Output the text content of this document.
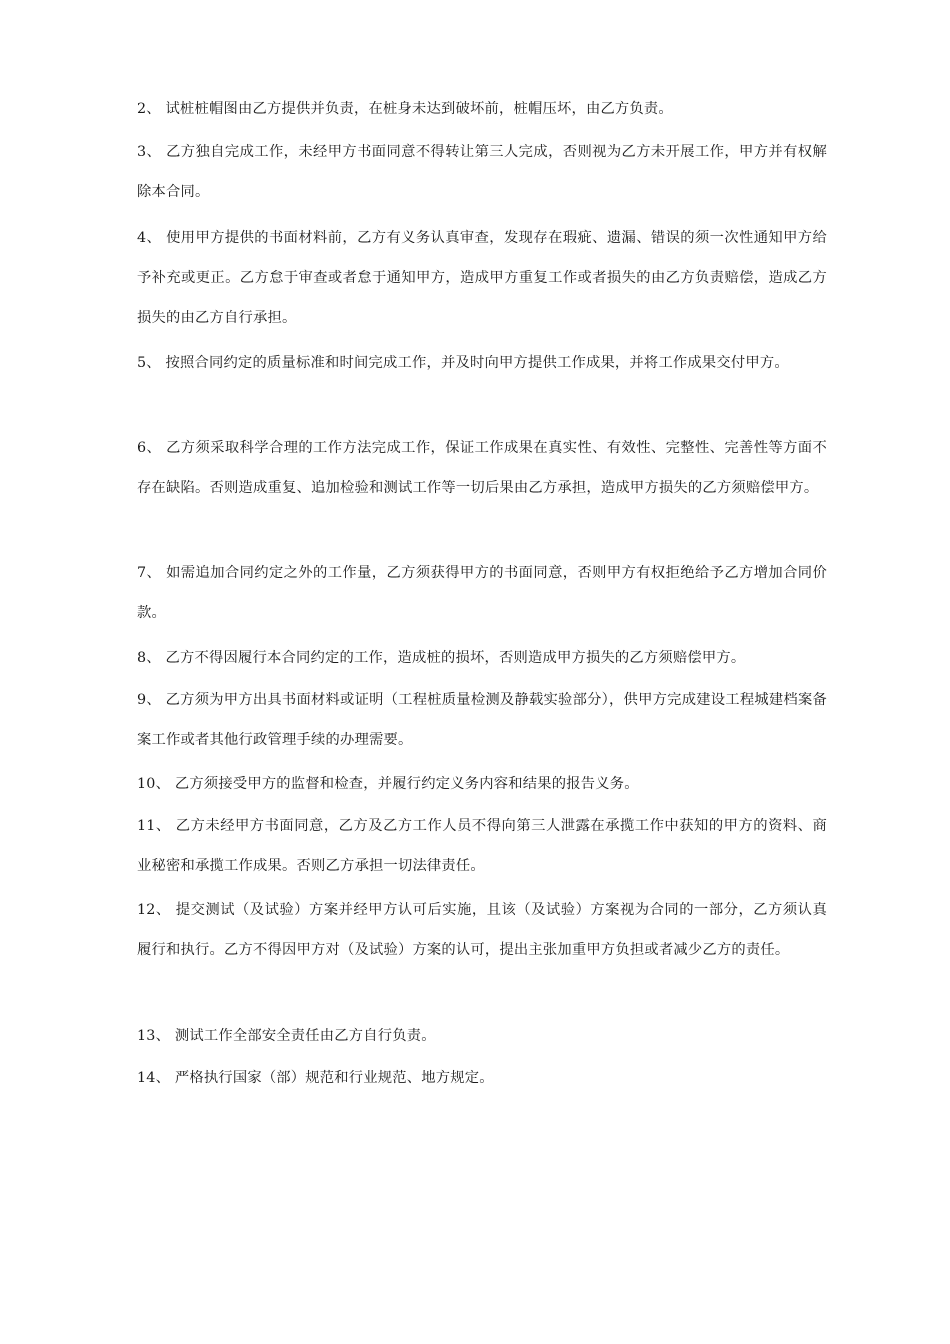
2、 试桩桩帽图由乙方提供并负责，在桩身未达到破坏前，桩帽压坏，由乙方负责。

3、 乙方独自完成工作，未经甲方书面同意不得转让第三人完成，否则视为乙方未开展工作，甲方并有权解除本合同。

4、 使用甲方提供的书面材料前，乙方有义务认真审查，发现存在瑕疵、遗漏、错误的须一次性通知甲方给予补充或更正。乙方怠于审查或者怠于通知甲方，造成甲方重复工作或者损失的由乙方负责赔偿，造成乙方损失的由乙方自行承担。

5、 按照合同约定的质量标准和时间完成工作，并及时向甲方提供工作成果，并将工作成果交付甲方。

6、 乙方须采取科学合理的工作方法完成工作，保证工作成果在真实性、有效性、完整性、完善性等方面不存在缺陷。否则造成重复、追加检验和测试工作等一切后果由乙方承担，造成甲方损失的乙方须赔偿甲方。

7、 如需追加合同约定之外的工作量，乙方须获得甲方的书面同意，否则甲方有权拒绝给予乙方增加合同价款。

8、 乙方不得因履行本合同约定的工作，造成桩的损坏，否则造成甲方损失的乙方须赔偿甲方。

9、 乙方须为甲方出具书面材料或证明（工程桩质量检测及静载实验部分），供甲方完成建设工程城建档案备案工作或者其他行政管理手续的办理需要。

10、 乙方须接受甲方的监督和检查，并履行约定义务内容和结果的报告义务。

11、 乙方未经甲方书面同意，乙方及乙方工作人员不得向第三人泄露在承揽工作中获知的甲方的资料、商业秘密和承揽工作成果。否则乙方承担一切法律责任。

12、 提交测试（及试验）方案并经甲方认可后实施，且该（及试验）方案视为合同的一部分，乙方须认真履行和执行。乙方不得因甲方对（及试验）方案的认可，提出主张加重甲方负担或者减少乙方的责任。

13、 测试工作全部安全责任由乙方自行负责。

14、 严格执行国家（部）规范和行业规范、地方规定。
